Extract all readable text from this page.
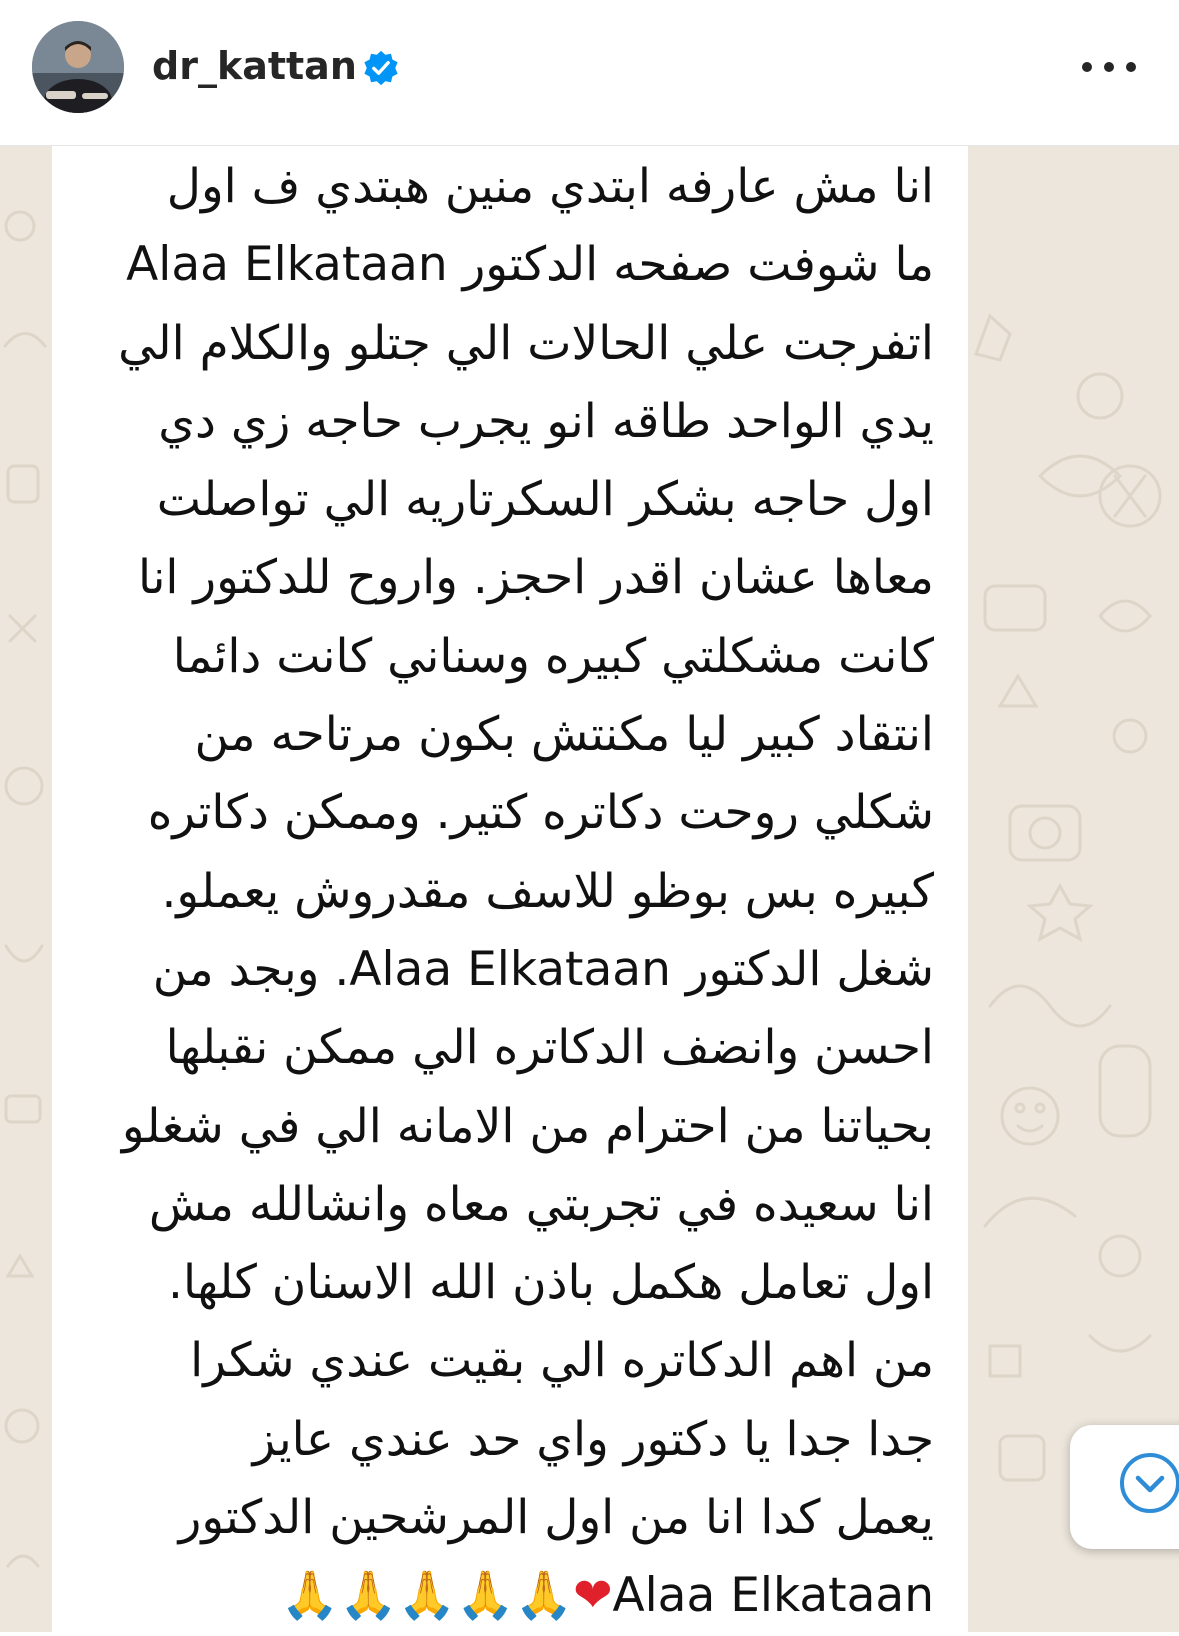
dr_kattan
انا مش عارفه ابتدي منين هبتدي ف اول
ما شوفت صفحه الدكتور Alaa Elkataan
اتفرجت علي الحالات الي جتلو والكلام الي
يدي الواحد طاقه انو يجرب حاجه زي دي
اول حاجه بشكر السكرتاريه الي تواصلت
معاها عشان اقدر احجز. واروح للدكتور انا
كانت مشكلتي كبيره وسناني كانت دائما
انتقاد كبير ليا مكنتش بكون مرتاحه من
شكلي روحت دكاتره كتير. وممكن دكاتره
كبيره بس بوظو للاسف مقدروش يعملو.
شغل الدكتور Alaa Elkataan. وبجد من
احسن وانضف الدكاتره الي ممكن نقبلها
بحياتنا من احترام من الامانه الي في شغلو
انا سعيده في تجربتي معاه وانشالله مش
اول تعامل هكمل باذن الله الاسنان كلها.
من اهم الدكاتره الي بقيت عندي شكرا
جدا جدا يا دكتور واي حد عندي عايز
يعمل كدا انا من اول المرشحين الدكتور
Alaa Elkataan❤🙏🙏🙏🙏🙏
